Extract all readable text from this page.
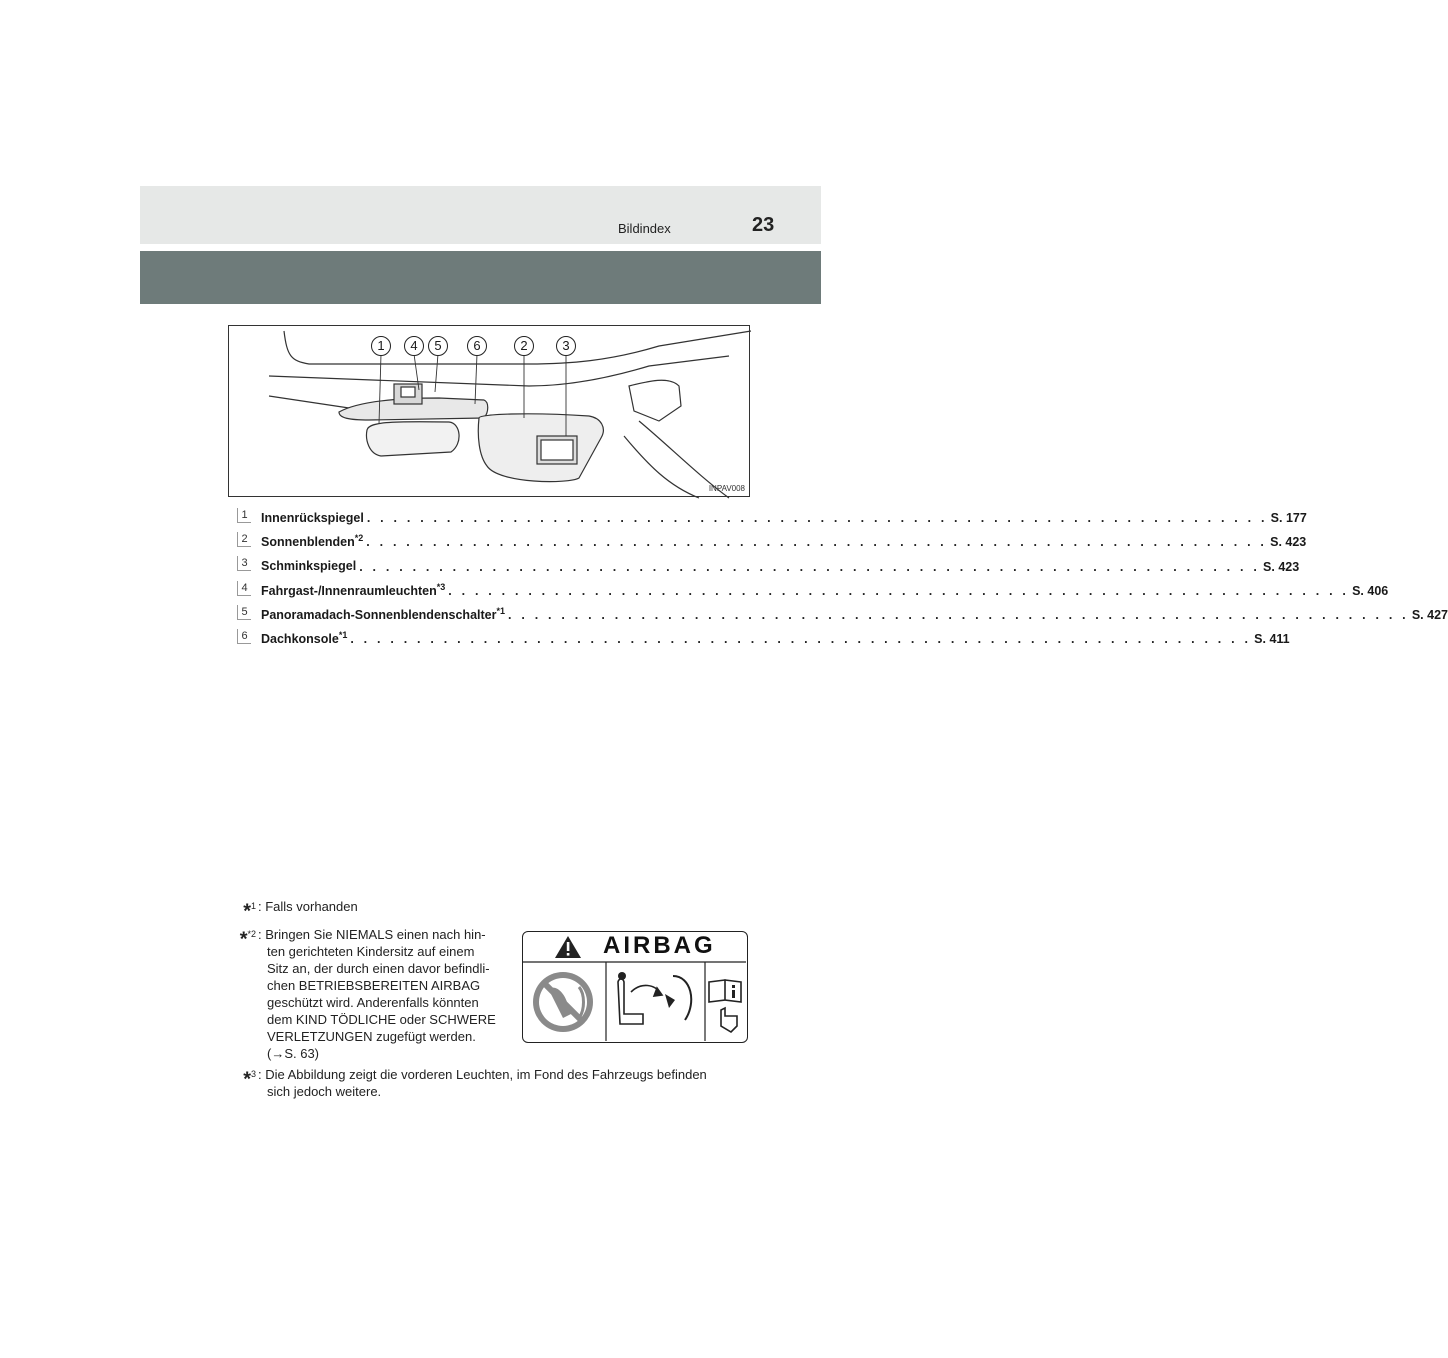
Bildindex	23
1	4	5	6	2	3
INPAV008
1 Innenrückspiegel . . . . . . . . . . . . . . . . . . . . . . . . . . . . . . . . . . . . . . . . . . . . . . . . . . . . . . . . . . . . . . . . . . . . S. 177
2 Sonnenblenden$^{*2}$ . . . . . . . . . . . . . . . . . . . . . . . . . . . . . . . . . . . . . . . . . . . . . . . . . . . . . . . . . . . . . . . . . . . . S. 423
3 Schminkspiegel . . . . . . . . . . . . . . . . . . . . . . . . . . . . . . . . . . . . . . . . . . . . . . . . . . . . . . . . . . . . . . . . . . . . S. 423
4 Fahrgast-/Innenraumleuchten$^{*3}$ . . . . . . . . . . . . . . . . . . . . . . . . . . . . . . . . . . . . . . . . . . . . . . . . . . . . . . . . . . . . . . . . . . . . S. 406
5 Panoramadach-Sonnenblendenschalter$^{*1}$ . . . . . . . . . . . . . . . . . . . . . . . . . . . . . . . . . . . . . . . . . . . . . . . . . . . . . . . . . . . . . . . . . . . . S. 427
6 Dachkonsole$^{*1}$ . . . . . . . . . . . . . . . . . . . . . . . . . . . . . . . . . . . . . . . . . . . . . . . . . . . . . . . . . . . . . . . . . . . . S. 411
*$^1$ : Falls vorhanden
*$^{*2}$ : Bringen Sie NIEMALS einen nach hin-
ten gerichteten Kindersitz auf einem
Sitz an, der durch einen davor befindli-
chen BETRIEBSBEREITEN AIRBAG
geschützt wird. Anderenfalls könnten
dem KIND TÖDLICHE oder SCHWERE
VERLETZUNGEN zugefügt werden.
(→S. 63)
*$^3$ : Die Abbildung zeigt die vorderen Leuchten, im Fond des Fahrzeugs befinden
sich jedoch weitere.
AIRBAG
